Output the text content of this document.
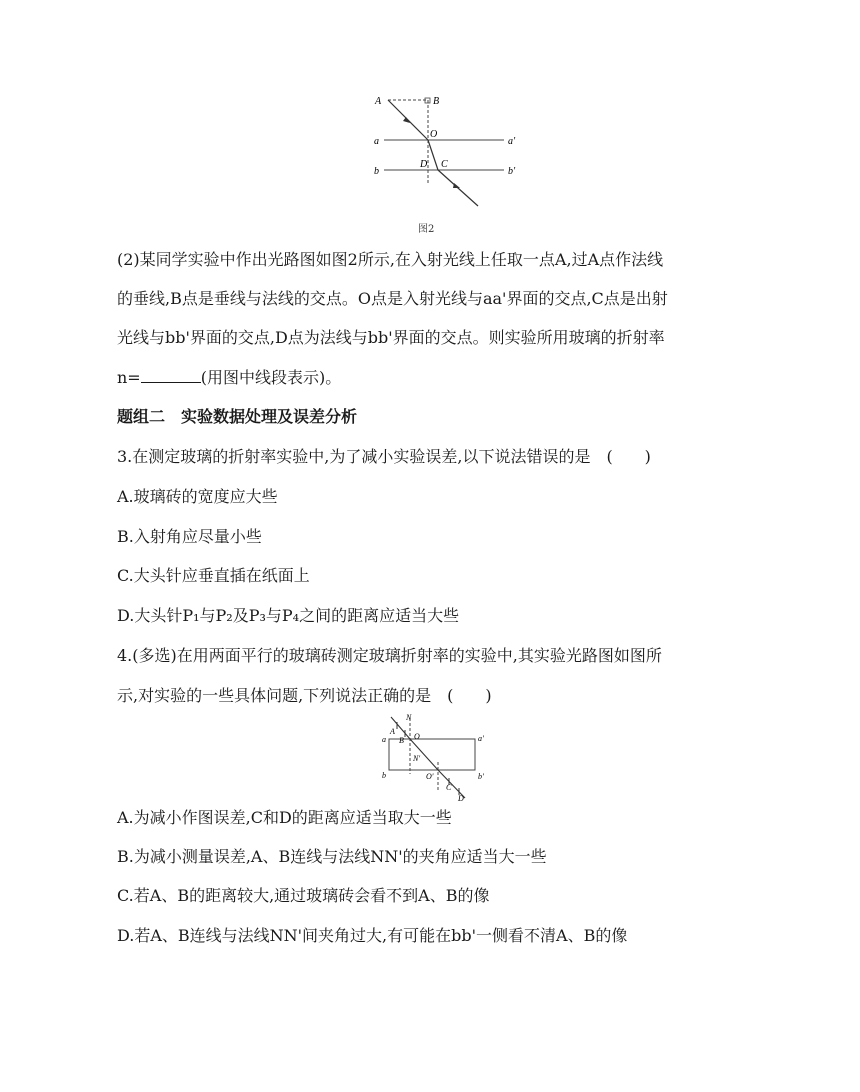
A	B
O
a	a'
b
D C
b'
图2
(2)某同学实验中作出光路图如图2所示,在入射光线上任取一点A,过A点作法线
的垂线,B点是垂线与法线的交点。O点是入射光线与aa'界面的交点,C点是出射
光线与bb'界面的交点,D点为法线与bb'界面的交点。则实验所用玻璃的折射率
n=	(用图中线段表示)。
题组二　实验数据处理及误差分析
3.在测定玻璃的折射率实验中,为了减小实验误差,以下说法错误的是　(　　)
A.玻璃砖的宽度应大些
B.入射角应尽量小些
C.大头针应垂直插在纸面上
D.大头针P₁与P₂及P₃与P₄之间的距离应适当大些
4.(多选)在用两面平行的玻璃砖测定玻璃折射率的实验中,其实验光路图如图所
示,对实验的一些具体问题,下列说法正确的是　(　　)
N
A
a B O	a'
N'
b	O'
C
D
b'
A.为减小作图误差,C和D的距离应适当取大一些
B.为减小测量误差,A、B连线与法线NN'的夹角应适当大一些
C.若A、B的距离较大,通过玻璃砖会看不到A、B的像
D.若A、B连线与法线NN'间夹角过大,有可能在bb'一侧看不清A、B的像
